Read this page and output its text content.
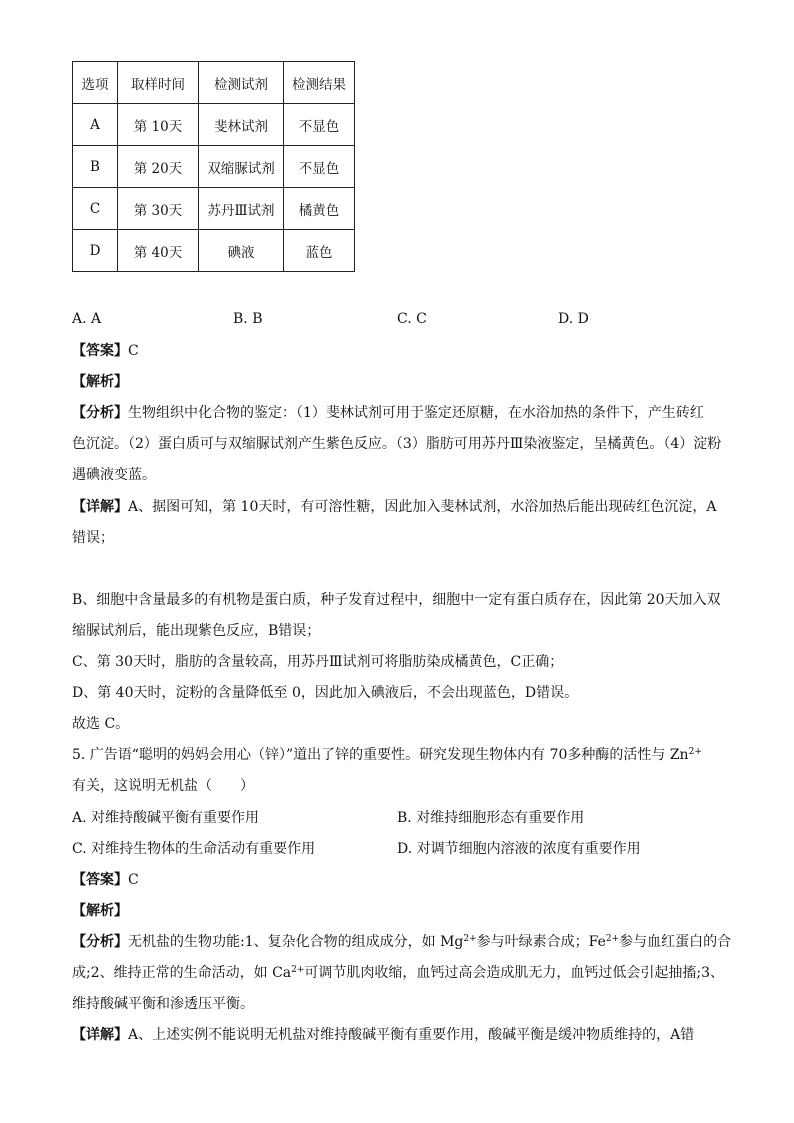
选项	取样时间	检测试剂	检测结果
A	第 10天	斐林试剂	不显色
B	第 20天	双缩脲试剂	不显色
C	第 30天	苏丹Ⅲ试剂	橘黄色
D	第 40天	碘液	蓝色
A. A	B. B	C. C	D. D
【答案】C
【解析】
【分析】生物组织中化合物的鉴定：（1）斐林试剂可用于鉴定还原糖，在水浴加热的条件下，产生砖红
色沉淀。（2）蛋白质可与双缩脲试剂产生紫色反应。（3）脂肪可用苏丹Ⅲ染液鉴定，呈橘黄色。（4）淀粉
遇碘液变蓝。
【详解】A、据图可知，第 10天时，有可溶性糖，因此加入斐林试剂，水浴加热后能出现砖红色沉淀，A
错误；
B、细胞中含量最多的有机物是蛋白质，种子发育过程中，细胞中一定有蛋白质存在，因此第 20天加入双
缩脲试剂后，能出现紫色反应，B错误；
C、第 30天时，脂肪的含量较高，用苏丹Ⅲ试剂可将脂肪染成橘黄色，C正确；
D、第 40天时，淀粉的含量降低至 0，因此加入碘液后，不会出现蓝色，D错误。
故选 C。
5. 广告语“聪明的妈妈会用心（锌）”道出了锌的重要性。研究发现生物体内有 70多种酶的活性与 $Zn^{2+}$
有关，这说明无机盐（　　）
A. 对维持酸碱平衡有重要作用	B. 对维持细胞形态有重要作用
C. 对维持生物体的生命活动有重要作用	D. 对调节细胞内溶液的浓度有重要作用
【答案】C
【解析】
【分析】无机盐的生物功能:1、复杂化合物的组成成分，如 $Mg^{2+}$参与叶绿素合成；$Fe^{2+}$参与血红蛋白的合
成;2、维持正常的生命活动，如 $Ca^{2+}$可调节肌肉收缩，血钙过高会造成肌无力，血钙过低会引起抽搐;3、
维持酸碱平衡和渗透压平衡。
【详解】A、上述实例不能说明无机盐对维持酸碱平衡有重要作用，酸碱平衡是缓冲物质维持的，A错
